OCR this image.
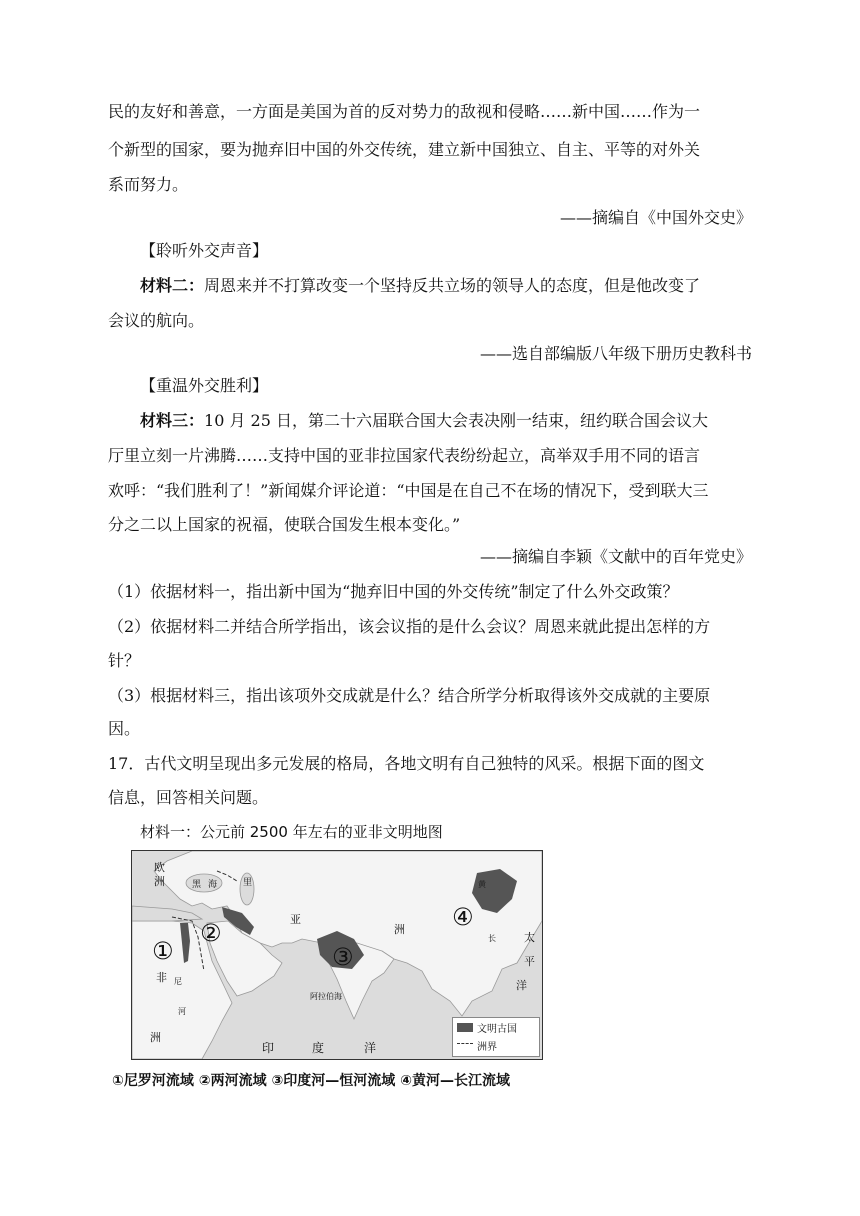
民的友好和善意，一方面是美国为首的反对势力的敌视和侵略……新中国……作为一
个新型的国家，要为抛弃旧中国的外交传统，建立新中国独立、自主、平等的对外关
系而努力。
——摘编自《中国外交史》
【聆听外交声音】
材料二：周恩来并不打算改变一个坚持反共立场的领导人的态度，但是他改变了
会议的航向。
——选自部编版八年级下册历史教科书
【重温外交胜利】
材料三：10 月 25 日，第二十六届联合国大会表决刚一结束，纽约联合国会议大
厅里立刻一片沸腾……支持中国的亚非拉国家代表纷纷起立，高举双手用不同的语言
欢呼：“我们胜利了！”新闻媒介评论道：“中国是在自己不在场的情况下，受到联大三
分之二以上国家的祝福，使联合国发生根本变化。”
——摘编自李颖《文献中的百年党史》
（1）依据材料一，指出新中国为“抛弃旧中国的外交传统”制定了什么外交政策？
（2）依据材料二并结合所学指出，该会议指的是什么会议？周恩来就此提出怎样的方
针？
（3）根据材料三，指出该项外交成就是什么？结合所学分析取得该外交成就的主要原
因。
17．古代文明呈现出多元发展的格局，各地文明有自己独特的风采。根据下面的图文
信息，回答相关问题。
材料一：公元前 2500 年左右的亚非文明地图
欧
洲	黑 海	里
亚
洲
非
洲
尼
河
阿拉伯海
印	度	洋
太
平
洋
长
黄
①
②
③
④
文明古国
洲界
①尼罗河流域 ②两河流域 ③印度河—恒河流域 ④黄河—长江流域
